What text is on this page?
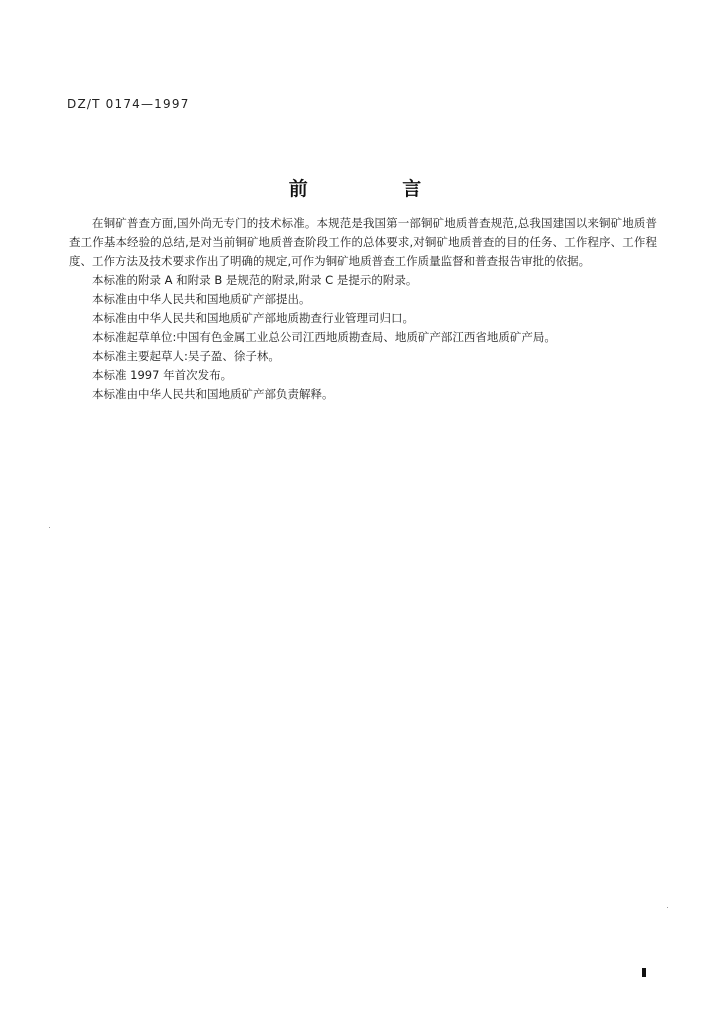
DZ/T 0174—1997
前 言

在铜矿普查方面,国外尚无专门的技术标准。本规范是我国第一部铜矿地质普查规范,总我国建国以来铜矿地质普查工作基本经验的总结,是对当前铜矿地质普查阶段工作的总体要求,对铜矿地质普查的目的任务、工作程序、工作程度、工作方法及技术要求作出了明确的规定,可作为铜矿地质普查工作质量监督和普查报告审批的依据。

本标准的附录 A 和附录 B 是规范的附录,附录 C 是提示的附录。

本标准由中华人民共和国地质矿产部提出。

本标准由中华人民共和国地质矿产部地质勘查行业管理司归口。

本标准起草单位:中国有色金属工业总公司江西地质勘查局、地质矿产部江西省地质矿产局。

本标准主要起草人:吴子盈、徐子林。

本标准 1997 年首次发布。

本标准由中华人民共和国地质矿产部负责解释。
